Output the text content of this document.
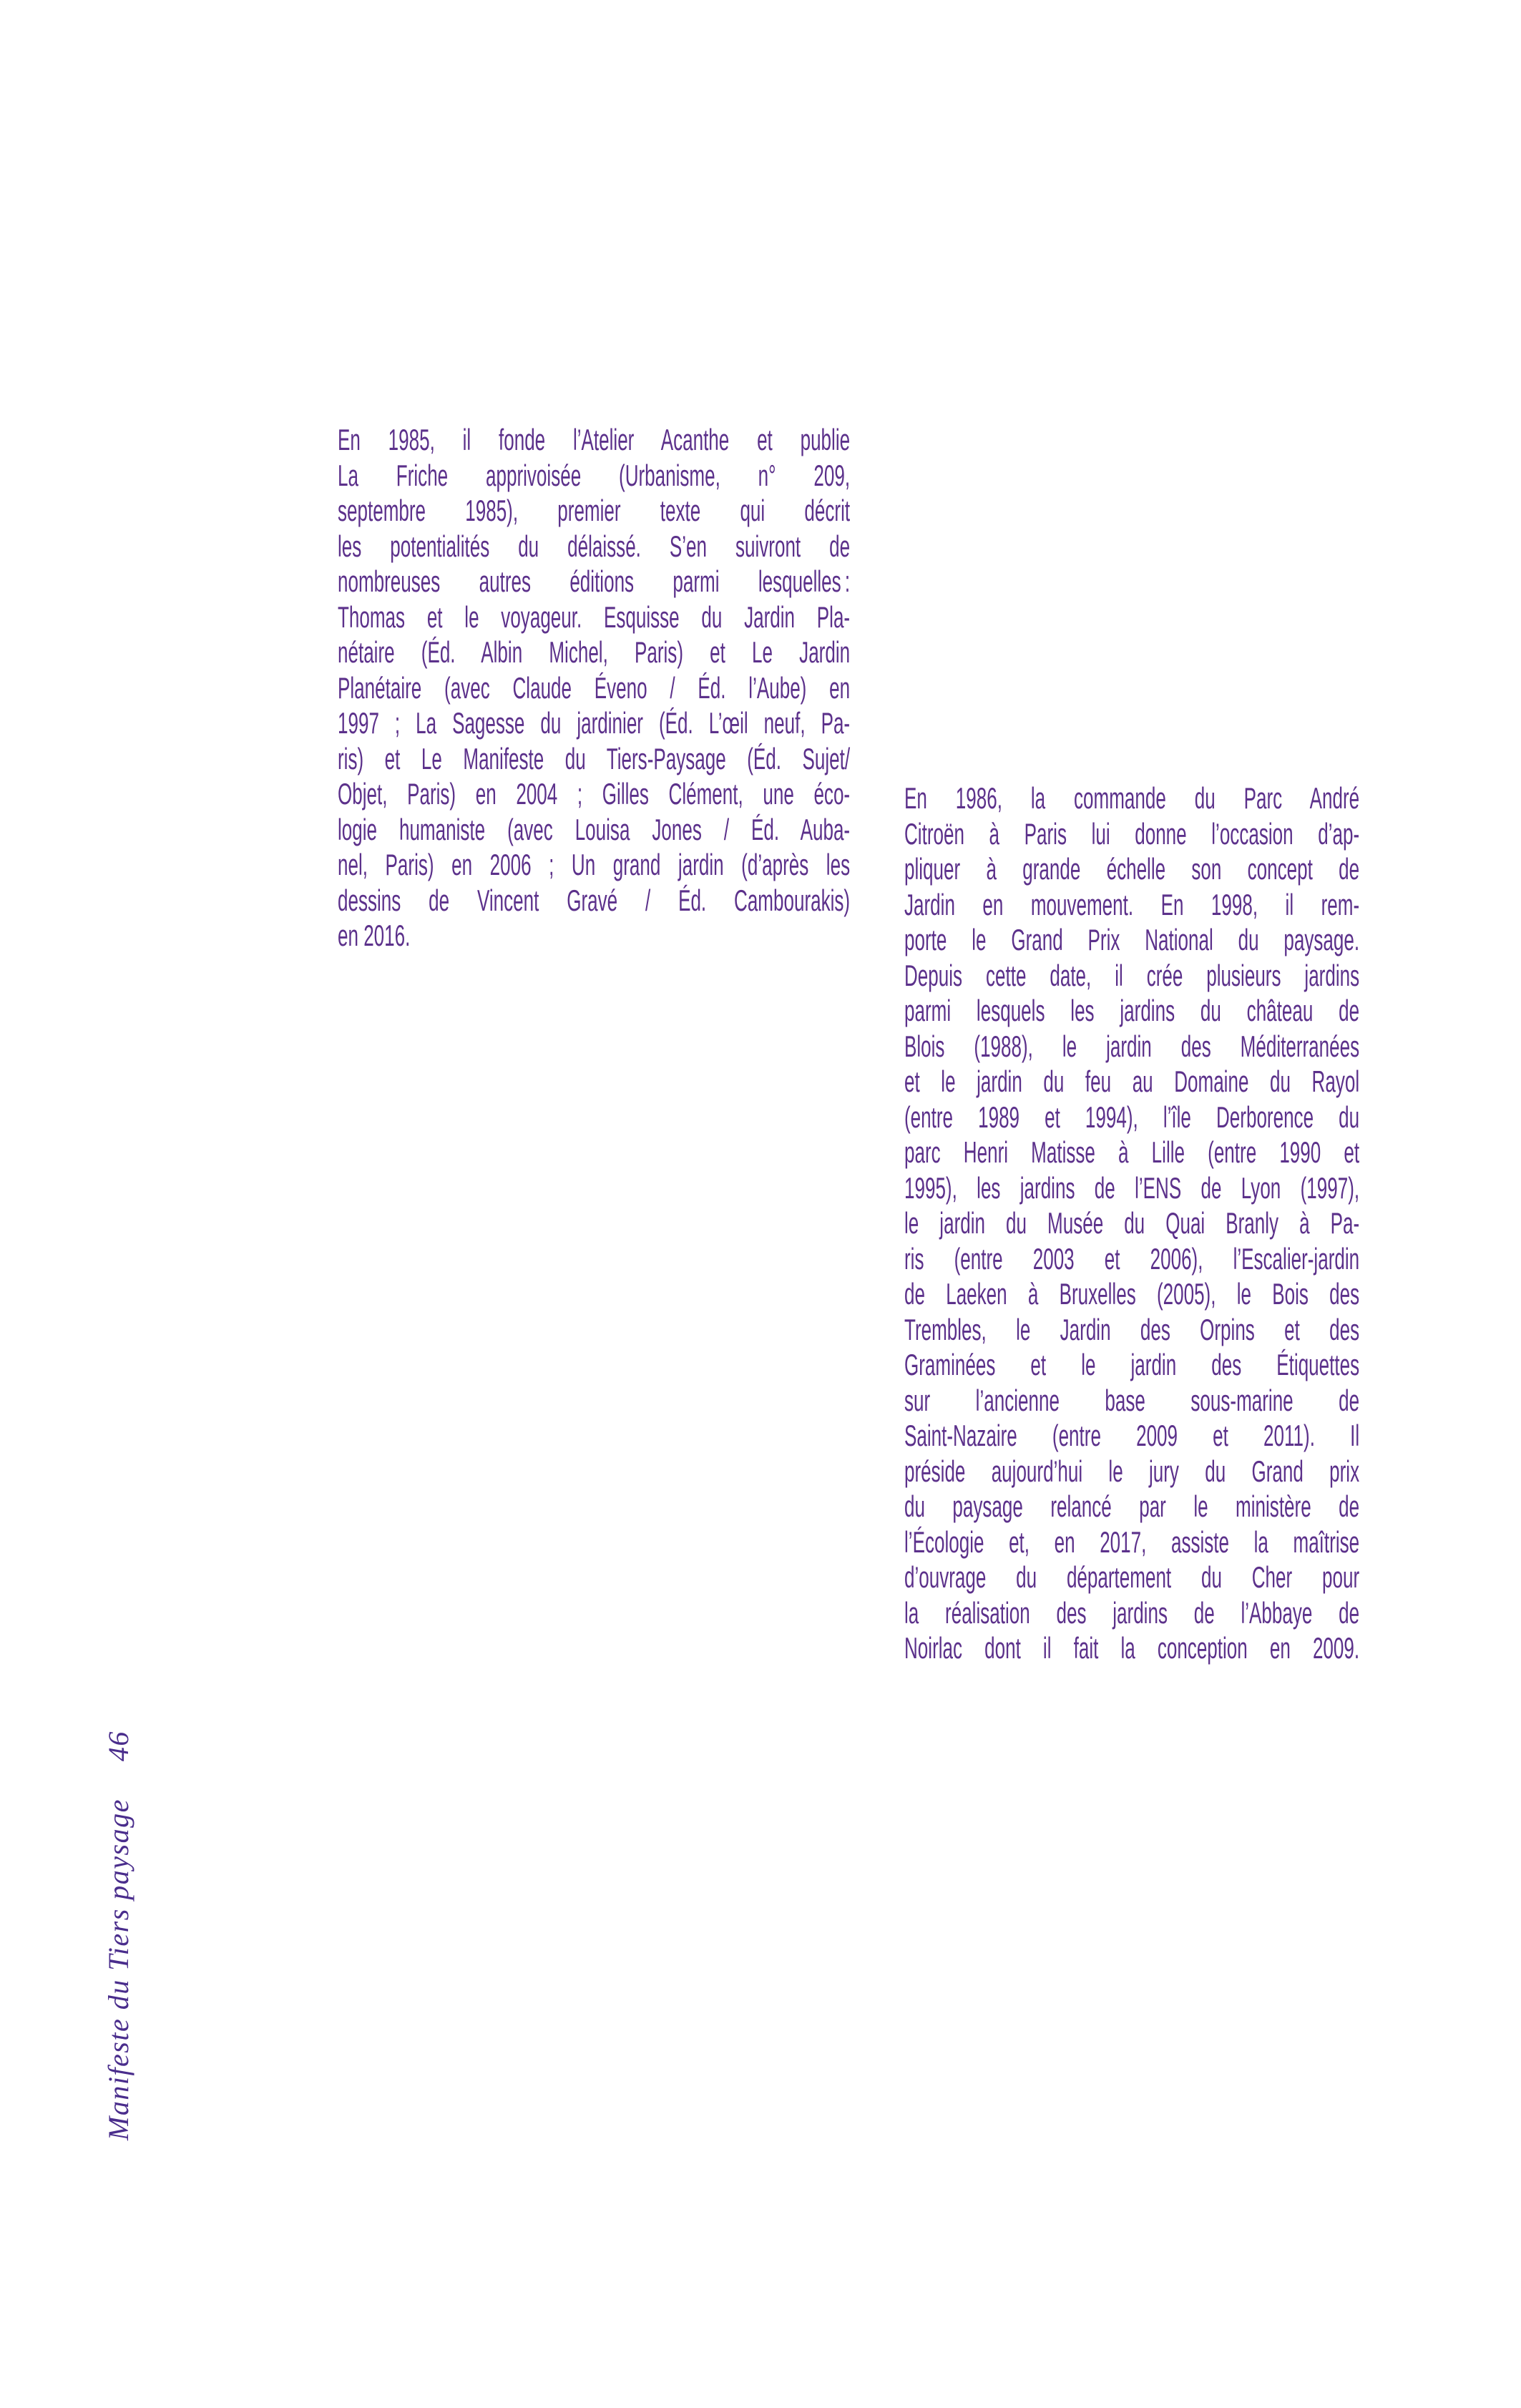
En 1985, il fonde l’Atelier Acanthe et publie
La Friche apprivoisée (Urbanisme, n° 209,
septembre 1985), premier texte qui décrit
les potentialités du délaissé. S’en suivront de
nombreuses autres éditions parmi lesquelles :
Thomas et le voyageur. Esquisse du Jardin Pla-
nétaire (Éd. Albin Michel, Paris) et Le Jardin
Planétaire (avec Claude Éveno / Éd. l’Aube) en
1997 ; La Sagesse du jardinier (Éd. L’œil neuf, Pa-
ris) et Le Manifeste du Tiers-Paysage (Éd. Sujet/
Objet, Paris) en 2004 ; Gilles Clément, une éco-
logie humaniste (avec Louisa Jones / Éd. Auba-
nel, Paris) en 2006 ; Un grand jardin (d’après les
dessins de Vincent Gravé / Éd. Cambourakis)
en 2016.
En 1986, la commande du Parc André
Citroën à Paris lui donne l’occasion d’ap-
pliquer à grande échelle son concept de
Jardin en mouvement. En 1998, il rem-
porte le Grand Prix National du paysage.
Depuis cette date, il crée plusieurs jardins
parmi lesquels les jardins du château de
Blois (1988), le jardin des Méditerranées
et le jardin du feu au Domaine du Rayol
(entre 1989 et 1994), l’île Derborence du
parc Henri Matisse à Lille (entre 1990 et
1995), les jardins de l’ENS de Lyon (1997),
le jardin du Musée du Quai Branly à Pa-
ris (entre 2003 et 2006), l’Escalier-jardin
de Laeken à Bruxelles (2005), le Bois des
Trembles, le Jardin des Orpins et des
Graminées et le jardin des Étiquettes
sur l’ancienne base sous-marine de
Saint-Nazaire (entre 2009 et 2011). Il
préside aujourd’hui le jury du Grand prix
du paysage relancé par le ministère de
l’Écologie et, en 2017, assiste la maîtrise
d’ouvrage du département du Cher pour
la réalisation des jardins de l’Abbaye de
Noirlac dont il fait la conception en 2009.
Manifeste du Tiers paysage46
